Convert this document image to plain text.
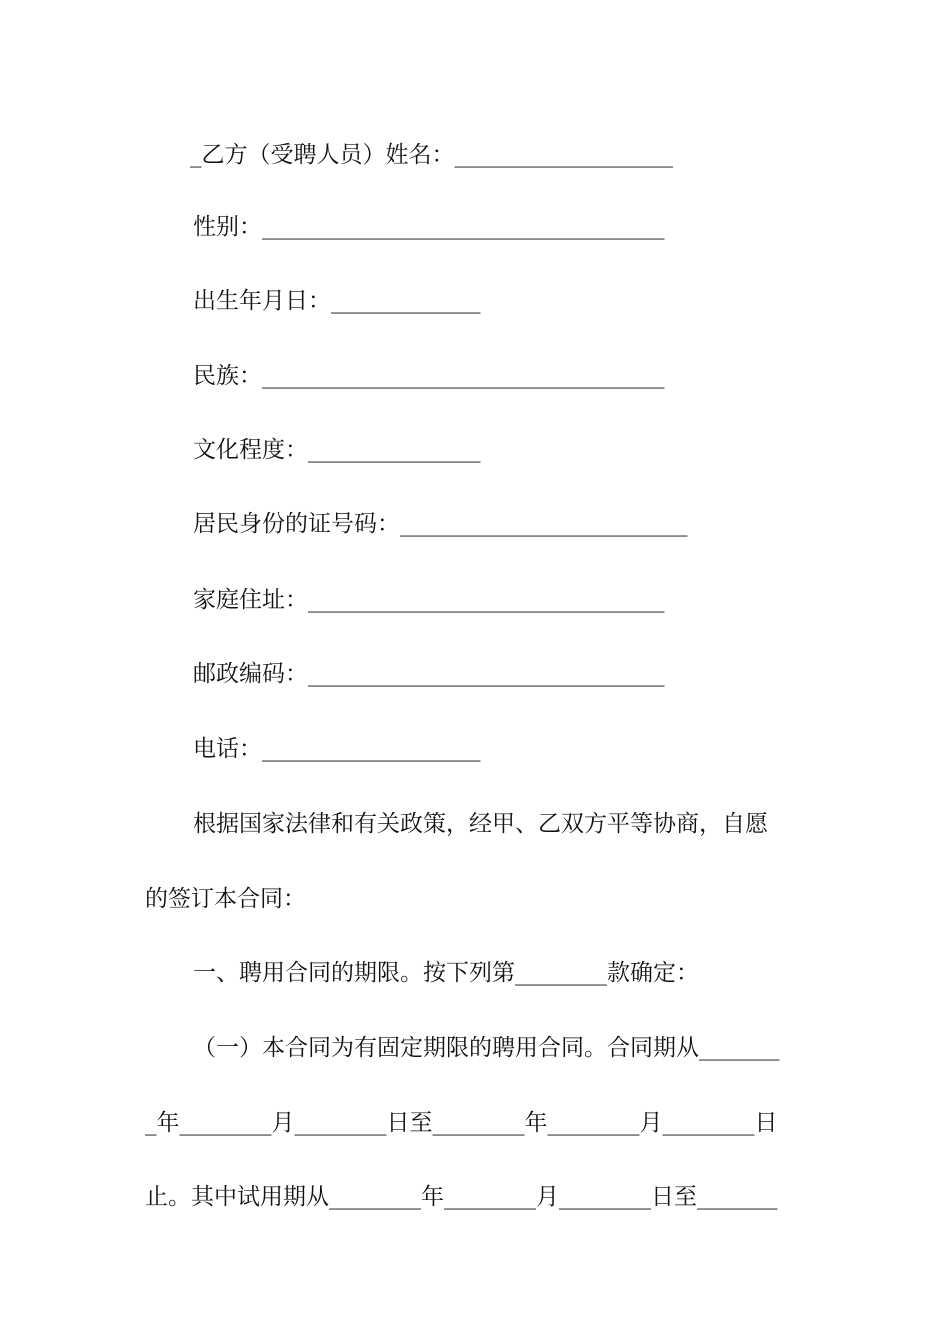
_乙方（受聘人员）姓名：___________________
性别：___________________________________
出生年月日：_____________
民族：___________________________________
文化程度：_______________
居民身份的证号码：_________________________
家庭住址：_______________________________
邮政编码：_______________________________
电话：___________________
根据国家法律和有关政策，经甲、乙双方平等协商，自愿
的签订本合同：
一、聘用合同的期限。按下列第________款确定：
（一）本合同为有固定期限的聘用合同。合同期从_______
_年________月________日至________年________月________日
止。其中试用期从________年________月________日至_______
